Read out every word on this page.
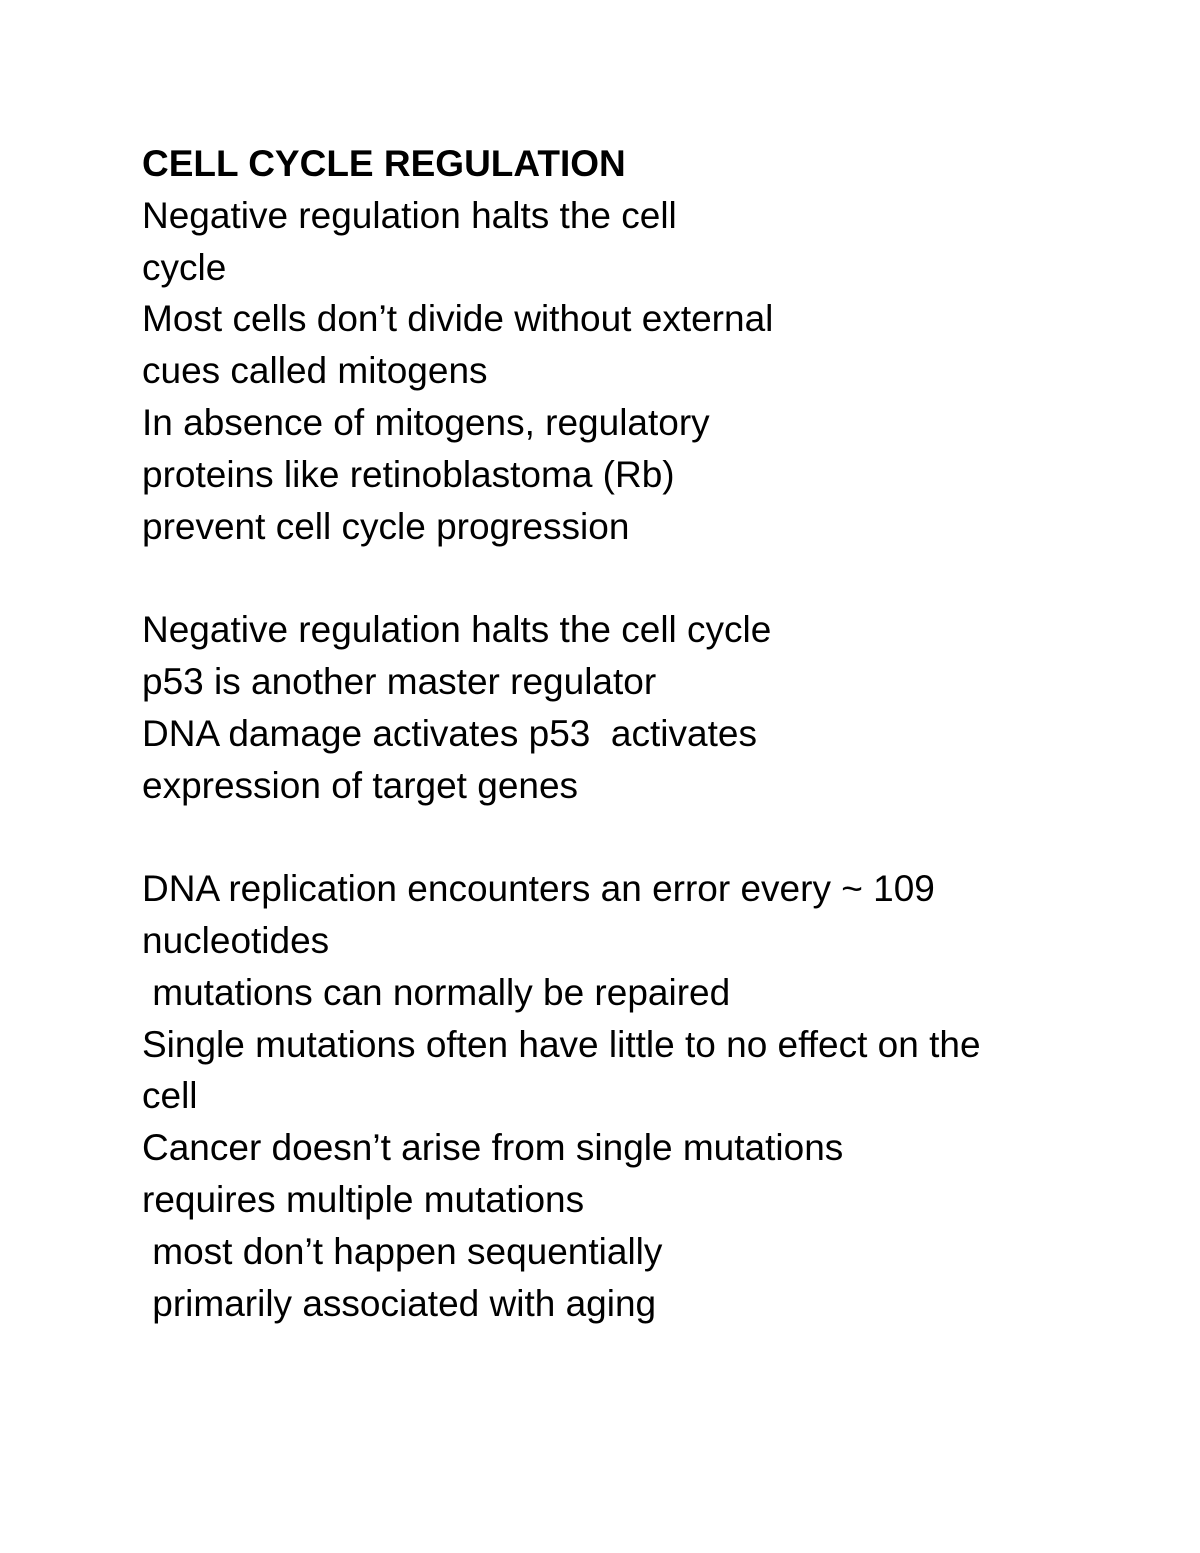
CELL CYCLE REGULATION
Negative regulation halts the cell
cycle
Most cells don’t divide without external
cues called mitogens
In absence of mitogens, regulatory
proteins like retinoblastoma (Rb)
prevent cell cycle progression
Negative regulation halts the cell cycle
p53 is another master regulator
DNA damage activates p53  activates
expression of target genes
DNA replication encounters an error every ~ 109
nucleotides
mutations can normally be repaired
Single mutations often have little to no effect on the
cell
Cancer doesn’t arise from single mutations
requires multiple mutations
most don’t happen sequentially
primarily associated with aging
